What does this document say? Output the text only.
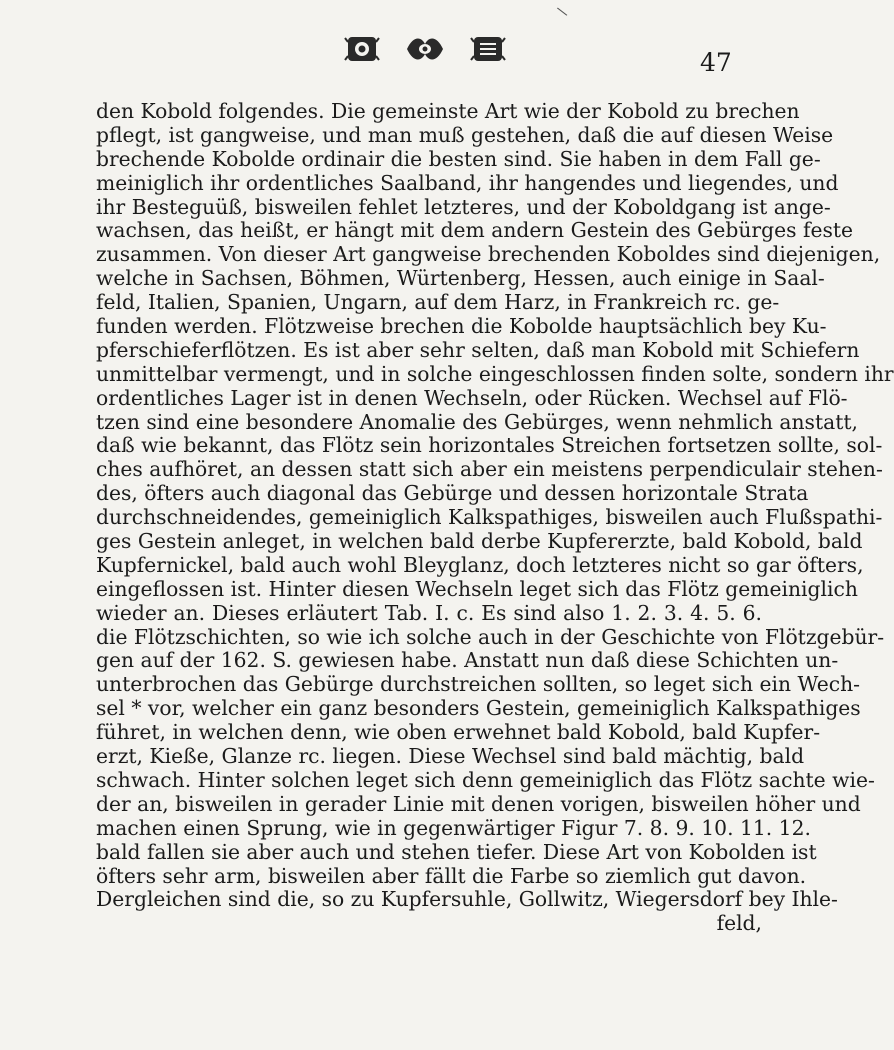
\
47
den Kobold folgendes. Die gemeinste Art wie der Kobold zu brechen
pflegt, ist gangweise, und man muß gestehen, daß die auf diesen Weise
brechende Kobolde ordinair die besten sind. Sie haben in dem Fall ge-
meiniglich ihr ordentliches Saalband, ihr hangendes und liegendes, und
ihr Besteguüß, bisweilen fehlet letzteres, und der Koboldgang ist ange-
wachsen, das heißt, er hängt mit dem andern Gestein des Gebürges feste
zusammen. Von dieser Art gangweise brechenden Koboldes sind diejenigen,
welche in Sachsen, Böhmen, Würtenberg, Hessen, auch einige in Saal-
feld, Italien, Spanien, Ungarn, auf dem Harz, in Frankreich rc. ge-
funden werden. Flötzweise brechen die Kobolde hauptsächlich bey Ku-
pferschieferflötzen. Es ist aber sehr selten, daß man Kobold mit Schiefern
unmittelbar vermengt, und in solche eingeschlossen finden solte, sondern ihr
ordentliches Lager ist in denen Wechseln, oder Rücken. Wechsel auf Flö-
tzen sind eine besondere Anomalie des Gebürges, wenn nehmlich anstatt,
daß wie bekannt, das Flötz sein horizontales Streichen fortsetzen sollte, sol-
ches aufhöret, an dessen statt sich aber ein meistens perpendiculair stehen-
des, öfters auch diagonal das Gebürge und dessen horizontale Strata
durchschneidendes, gemeiniglich Kalkspathiges, bisweilen auch Flußspathi-
ges Gestein anleget, in welchen bald derbe Kupfererzte, bald Kobold, bald
Kupfernickel, bald auch wohl Bleyglanz, doch letzteres nicht so gar öfters,
eingeflossen ist. Hinter diesen Wechseln leget sich das Flötz gemeiniglich
wieder an. Dieses erläutert Tab. I. c. Es sind also 1. 2. 3. 4. 5. 6.
die Flötzschichten, so wie ich solche auch in der Geschichte von Flötzgebür-
gen auf der 162. S. gewiesen habe. Anstatt nun daß diese Schichten un-
unterbrochen das Gebürge durchstreichen sollten, so leget sich ein Wech-
sel * vor, welcher ein ganz besonders Gestein, gemeiniglich Kalkspathiges
führet, in welchen denn, wie oben erwehnet bald Kobold, bald Kupfer-
erzt, Kieße, Glanze rc. liegen. Diese Wechsel sind bald mächtig, bald
schwach. Hinter solchen leget sich denn gemeiniglich das Flötz sachte wie-
der an, bisweilen in gerader Linie mit denen vorigen, bisweilen höher und
machen einen Sprung, wie in gegenwärtiger Figur 7. 8. 9. 10. 11. 12.
bald fallen sie aber auch und stehen tiefer. Diese Art von Kobolden ist
öfters sehr arm, bisweilen aber fällt die Farbe so ziemlich gut davon.
Dergleichen sind die, so zu Kupfersuhle, Gollwitz, Wiegersdorf bey Ihle-
feld,
